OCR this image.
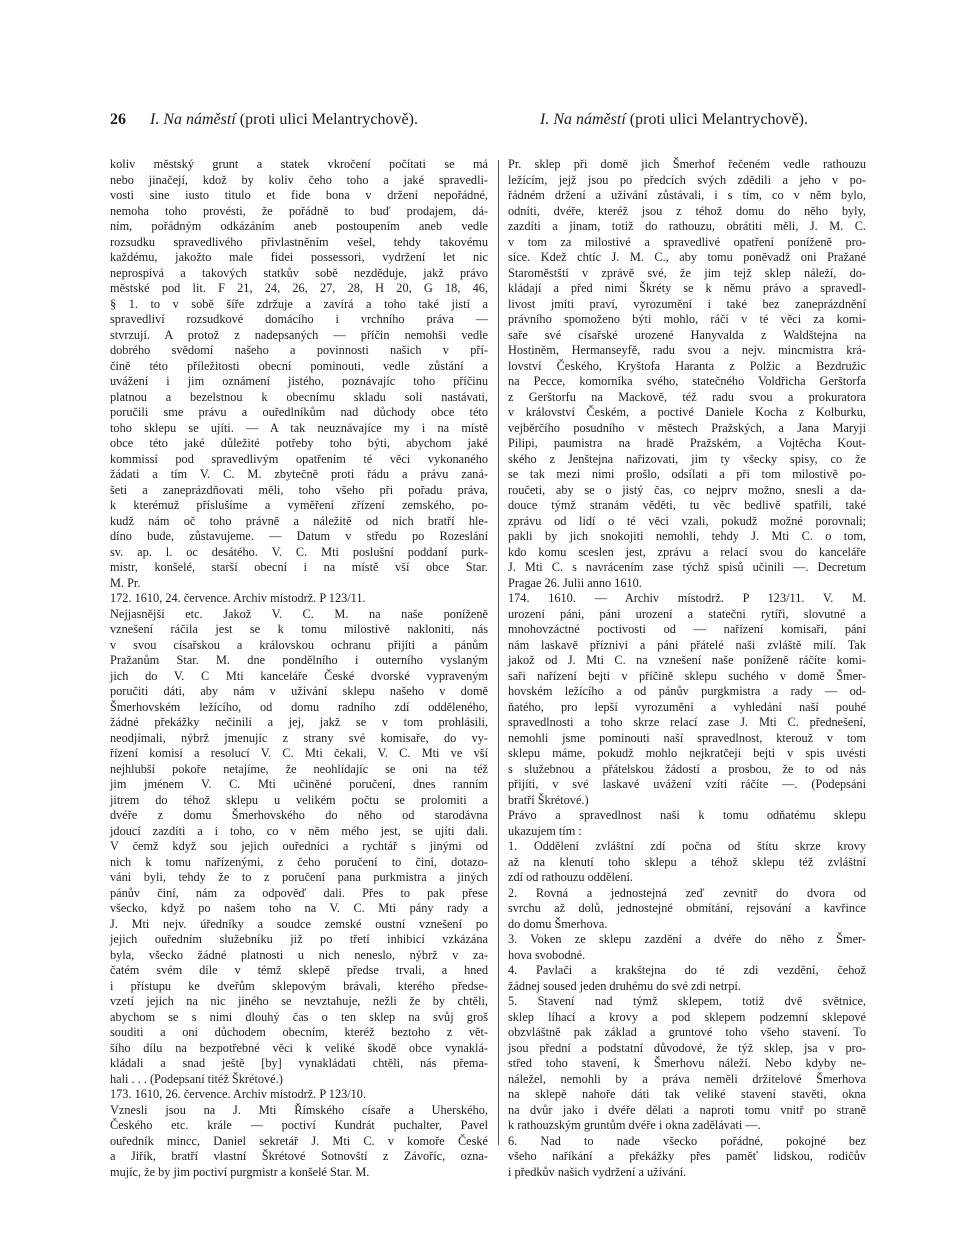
26 I. Na náměstí (proti ulici Melantrychově).	I. Na náměstí (proti ulici Melantrychově).
koliv městský grunt a statek vkročení počítati se má
nebo jinačejí, kdož by koliv čeho toho a jaké spravedli-
vosti sine iusto titulo et fide bona v držení nepořádné,
nemoha toho provésti, že pořádně to buď prodajem, dá-
ním, pořádným odkázáním aneb postoupením aneb vedle
rozsudku spravedlivého přivlastněním vešel, tehdy takovému
každému, jakožto male fidei possessori, vydržení let nic
neprospívá a takových statkův sobě nezděduje, jakž právo
městské pod lit. F 21, 24, 26, 27, 28, H 20, G 18, 46,
§ 1. to v sobě šíře zdržuje a zavírá a toho také jistí a
spravedliví rozsudkové domácího i vrchního práva —
stvrzují. A protož z nadepsaných — příčin nemohši vedle
dobrého svědomí našeho a povinnosti našich v pří-
čině této příležitosti obecní pominouti, vedle zůstání a
uvážení i jim oznámení jistého, poznávajíc toho příčinu
platnou a bezelstnou k obecnímu skladu soli nastávati,
poručili sme právu a ouředlníkům nad důchody obce této
toho sklepu se ujíti. — A tak neuznávajíce my i na místě
obce této jaké důležité potřeby toho býti, abychom jaké
kommissí pod spravedlivým opatřením té věci vykonaného
žádati a tím V. C. M. zbytečně proti řádu a právu zaná-
šeti a zaneprázdňovati měli, toho všeho při pořadu práva,
k kterémuž příslušíme a vyměření zřízení zemského, po-
kudž nám oč toho právně a náležitě od nich bratří hle-
díno bude, zůstavujeme. — Datum v středu po Rozeslání
sv. ap. l. oc desátého. V. C. Mti poslušní poddaní purk-
mistr, konšelé, starší obecní i na místě vší obce Star.
M. Pr.
172. 1610, 24. července. Archiv místodrž. P 123/11.
Nejjasnější etc. Jakož V. C. M. na naše poníženě
vznešení ráčila jest se k tomu milostivě nakloniti, nás
v svou císařskou a královskou ochranu přijíti a pánům
Pražanům Star. M. dne pondělního i outerního vyslaným
jich do V. C Mti kanceláře České dvorské vypraveným
poručiti dáti, aby nám v užívání sklepu našeho v domě
Šmerhovském ležícího, od domu radního zdí odděleného,
žádné překážky nečinili a jej, jakž se v tom prohlásili,
neodjímali, nýbrž jmenujíc z strany své komisaře, do vy-
řízení komisí a resolucí V. C. Mti čekali, V. C. Mti ve vší
nejhlubší pokoře netajíme, že neohlídajíc se oni na též
jim jménem V. C. Mti učiněné poručení, dnes ranním
jitrem do téhož sklepu u velikém počtu se prolomiti a
dvéře z domu Šmerhovského do něho od starodávna
jdoucí zazdíti a i toho, co v něm mého jest, se ujíti dali.
V čemž když sou jejich ouředníci a rychtář s jinými od
nich k tomu nařízenými, z čeho poručení to činí, dotazo-
váni byli, tehdy že to z poručení pana purkmistra a jiných
pánův činí, nám za odpověď dali. Přes to pak přese
všecko, když po našem toho na V. C. Mti pány rady a
J. Mti nejv. úředníky a soudce zemské oustní vznešení po
jejich ouředním služebníku již po třetí inhibicí vzkázána
byla, všecko žádné platnosti u nich neneslo, nýbrž v za-
čatém svém díle v témž sklepě předse trvali, a hned
i přístupu ke dveřům sklepovým brávali, kterého předse-
vzetí jejich na nic jiného se nevztahuje, nežli že by chtěli,
abychom se s nimi dlouhý čas o ten sklep na svůj groš
souditi a oni důchodem obecním, kteréž beztoho z vět-
šího dílu na bezpotřebné věci k veliké škodě obce vynaklá-
kládali a snad ještě [by] vynakládati chtěli, nás přema-
hali . . . (Podepsaní titéž Škrétové.)
173. 1610, 26. července. Archiv místodrž. P 123/10.
Vznesli jsou na J. Mti Římského císaře a Uherského,
Českého etc. krále — poctiví Kundrát puchalter, Pavel
ouředník mincc, Daniel sekretář J. Mti C. v komoře České
a Jiřík, bratří vlastní Škrétové Sotnovští z Závoříc, ozna-
mujíc, že by jim poctiví purgmistr a konšelé Star. M.
Pr. sklep při domě jich Šmerhof řečeném vedle rathouzu
ležícím, jejž jsou po předcích svých zdědili a jeho v po-
řádném držení a užívání zůstávali, i s tím, co v něm bylo,
odníti, dvéře, kteréž jsou z téhož domu do něho byly,
zazdíti a jinam, totiž do rathouzu, obrátiti měli, J. M. C.
v tom za milostivé a spravedlivé opatření poníženě pro-
síce. Kdež chtíc J. M. C., aby tomu poněvadž oni Pražané
Staroměstští v zprávě své, že jim tejž sklep náleží, do-
kládají a před nimi Škréty se k němu právo a spravedl-
livost jmíti praví, vyrozumění i také bez zaneprázdnění
právního spomoženo býti mohlo, ráčí v té věci za komi-
saře své císařské urozené Hanyvalda z Waldštejna na
Hostiněm, Hermanseyfě, radu svou a nejv. mincmistra krá-
lovství Českého, Kryštofa Haranta z Polžic a Bezdružic
na Pecce, komorníka svého, statečného Voldřicha Gerštorfa
z Gerštorfu na Mackově, též radu svou a prokuratora
v království Českém, a poctivé Daniele Kocha z Kolburku,
vejběrčího posudního v městech Pražských, a Jana Maryji
Pilipi, paumistra na hradě Pražském, a Vojtěcha Kout-
ského z Jenštejna nařizovati, jim ty všecky spisy, co že
se tak mezi nimi prošlo, odsílati a při tom milostivě po-
roučeti, aby se o jistý čas, co nejprv možno, snesli a da-
douce týmž stranám věděti, tu věc bedlivě spatřili, také
zprávu od lidí o té věci vzali, pokudž možné porovnali;
pakli by jich snokojiti nemohli, tehdy J. Mti C. o tom,
kdo komu sceslen jest, zprávu a relací svou do kanceláře
J. Mti C. s navrácením zase týchž spisů učinili —. Decretum
Pragae 26. Julii anno 1610.
174. 1610. — Archiv místodrž. P 123/11. V. M.
urození páni, páni urození a statečni rytíři, slovutné a
mnohovzáctné poctivosti od — nařízení komisaři, páni
nám laskavě příznivi a páni přátelé naši zvláště milí. Tak
jakož od J. Mti C. na vznešení naše poníženě ráčíte komi-
saři nařízení bejti v příčině sklepu suchého v domě Šmer-
hovském ležícího a od pánův purgkmistra a rady — od-
ňatého, pro lepší vyrozumění a vyhledání naší pouhé
spravedlnosti a toho skrze relací zase J. Mti C. přednešení,
nemohli jsme pominouti naší spravedlnost, kterouž v tom
sklepu máme, pokudž mohlo nejkratčeji bejti v spis uvésti
s služebnou a přátelskou žádostí a prosbou, že to od nás
přijíti, v své laskavé uvážení vzíti ráčíte —. (Podepsáni
bratří Škrétové.)
Právo a spravedlnost naši k tomu odňatému sklepu
ukazujem tím :
1. Oddělení zvláštní zdí počna od štítu skrze krovy
až na klenutí toho sklepu a téhož sklepu též zvláštní
zdí od rathouzu oddělení.
2. Rovná a jednostejná zeď zevnitř do dvora od
svrchu až dolů, jednostejné obmítání, rejsování a kavřince
do domu Šmerhova.
3. Voken ze sklepu zazdění a dvéře do něho z Šmer-
hova svobodné.
4. Pavlači a krakštejna do té zdi vezdění, čehož
žádnej soused jeden druhému do své zdi netrpí.
5. Stavení nad týmž sklepem, totiž dvě světnice,
sklep líhací a krovy a pod sklepem podzemní sklepové
obzvláštně pak základ a gruntové toho všeho stavení. To
jsou přední a podstatní důvodové, že týž sklep, jsa v pro-
střed toho stavení, k Šmerhovu náleží. Nebo kdyby ne-
náležel, nemohli by a práva neměli držitelové Šmerhova
na sklepě nahoře dáti tak veliké stavení stavěti, okna
na dvůr jako i dvéře dělati a naproti tomu vnitř po straně
k rathouzským gruntům dvéře i okna zadělávati —.
6. Nad to nade všecko pořádné, pokojné bez
všeho naříkání a překážky přes paměť lidskou, rodičův
i předkův našich vydržení a užívání.
